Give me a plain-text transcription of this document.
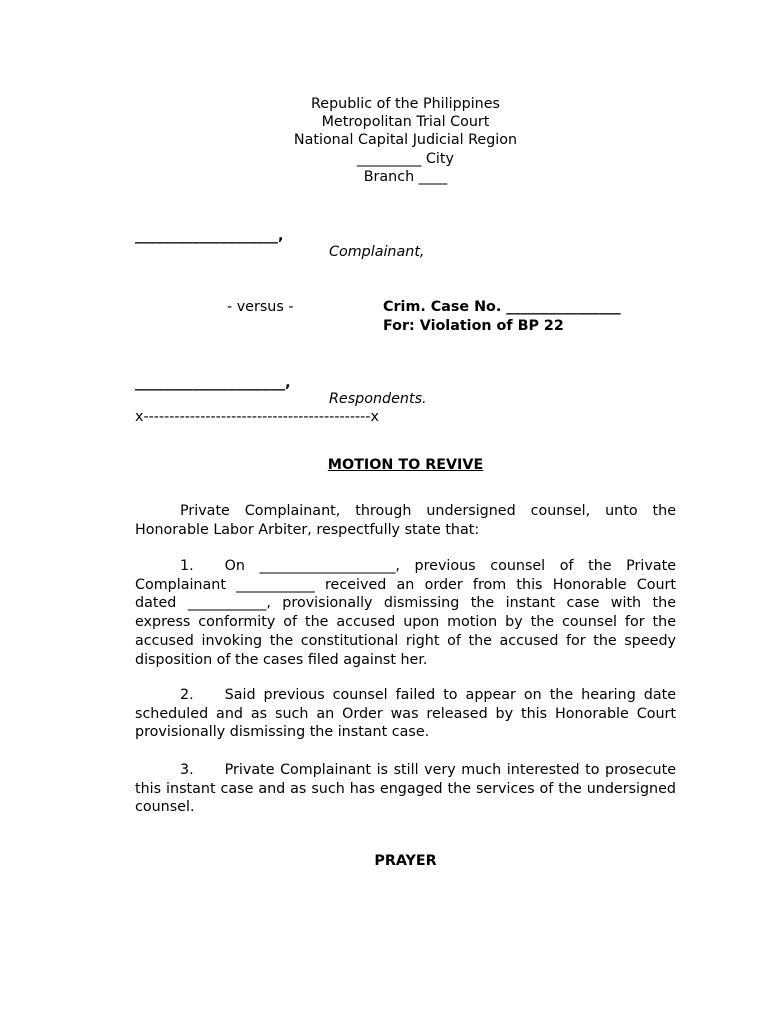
Republic of the Philippines
Metropolitan Trial Court
National Capital Judicial Region
_________ City
Branch ____
____________________,
Complainant,
- versus -	Crim. Case No. ________________
For: Violation of BP 22
_____________________,
Respondents.
x--------------------------------------------x
MOTION TO REVIVE

Private Complainant, through undersigned counsel, unto the Honorable Labor Arbiter, respectfully state that:

1. On ___________________, previous counsel of the Private Complainant ___________ received an order from this Honorable Court dated ___________, provisionally dismissing the instant case with the express conformity of the accused upon motion by the counsel for the accused invoking the constitutional right of the accused for the speedy disposition of the cases filed against her.

2. Said previous counsel failed to appear on the hearing date scheduled and as such an Order was released by this Honorable Court provisionally dismissing the instant case.

3. Private Complainant is still very much interested to prosecute this instant case and as such has engaged the services of the undersigned counsel.

PRAYER
